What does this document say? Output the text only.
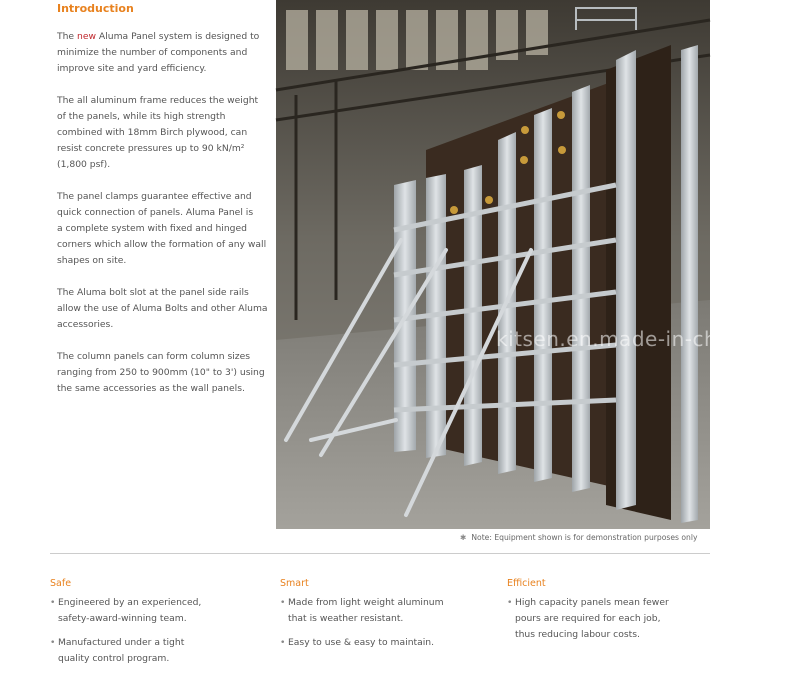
Introduction

The new Aluma Panel system is designed to
minimize the number of components and
improve site and yard efficiency.

The all aluminum frame reduces the weight
of the panels, while its high strength
combined with 18mm Birch plywood, can
resist concrete pressures up to 90 kN/m²
(1,800 psf).

The panel clamps guarantee effective and
quick connection of panels. Aluma Panel is
a complete system with fixed and hinged
corners which allow the formation of any wall
shapes on site.

The Aluma bolt slot at the panel side rails
allow the use of Aluma Bolts and other Aluma
accessories.

The column panels can form column sizes
ranging from 250 to 900mm (10" to 3') using
the same accessories as the wall panels.

kitsen.en.made-in-china.com
✱ Note: Equipment shown is for demonstration purposes only
Safe
• Engineered by an experienced,
safety-award-winning team.
• Manufactured under a tight
quality control program.
Smart
• Made from light weight aluminum
that is weather resistant.
• Easy to use & easy to maintain.
Efficient
• High capacity panels mean fewer
pours are required for each job,
thus reducing labour costs.
